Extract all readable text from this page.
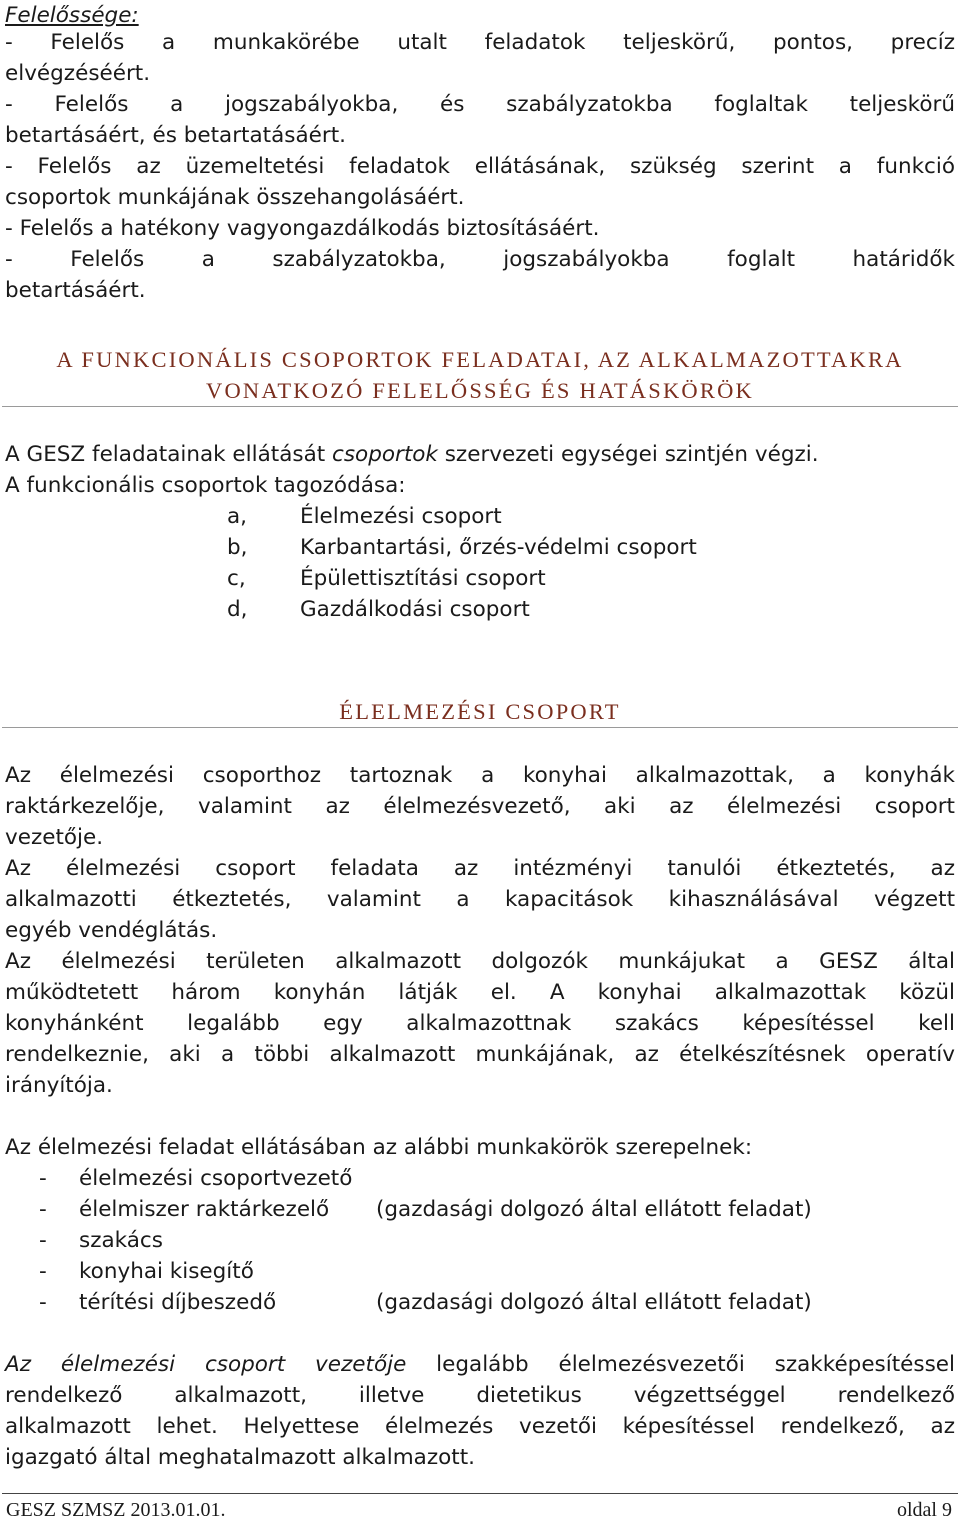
Felelőssége:
- Felelős a munkakörébe utalt feladatok teljeskörű, pontos, precíz
elvégzéséért.
- Felelős a jogszabályokba, és szabályzatokba foglaltak teljeskörű
betartásáért, és betartatásáért.
- Felelős az üzemeltetési feladatok ellátásának, szükség szerint a funkció
csoportok munkájának összehangolásáért.
- Felelős a hatékony vagyongazdálkodás biztosításáért.
- Felelős a szabályzatokba, jogszabályokba foglalt határidők
betartásáért.
A FUNKCIONÁLIS CSOPORTOK FELADATAI, AZ ALKALMAZOTTAKRA
VONATKOZÓ FELELŐSSÉG ÉS HATÁSKÖRÖK
A GESZ feladatainak ellátását csoportok szervezeti egységei szintjén végzi.
A funkcionális csoportok tagozódása:
a, Élelmezési csoport
b, Karbantartási, őrzés-védelmi csoport
c,	Épülettisztítási csoport
d, Gazdálkodási csoport
ÉLELMEZÉSI CSOPORT
Az élelmezési csoporthoz tartoznak a konyhai alkalmazottak, a konyhák
raktárkezelője, valamint az élelmezésvezető, aki az élelmezési csoport
vezetője.
Az élelmezési csoport feladata az intézményi tanulói étkeztetés, az
alkalmazotti étkeztetés, valamint a kapacitások kihasználásával végzett
egyéb vendéglátás.
Az élelmezési területen alkalmazott dolgozók munkájukat a GESZ által
működtetett három konyhán látják el. A konyhai alkalmazottak közül
konyhánként legalább egy alkalmazottnak szakács képesítéssel kell
rendelkeznie, aki a többi alkalmazott munkájának, az ételkészítésnek operatív
irányítója.
Az élelmezési feladat ellátásában az alábbi munkakörök szerepelnek:
- élelmezési csoportvezető
- élelmiszer raktárkezelő (gazdasági dolgozó által ellátott feladat)
- szakács
- konyhai kisegítő
- térítési díjbeszedő	(gazdasági dolgozó által ellátott feladat)
Az élelmezési csoport vezetője legalább élelmezésvezetői szakképesítéssel
rendelkező alkalmazott, illetve dietetikus végzettséggel rendelkező
alkalmazott lehet. Helyettese élelmezés vezetői képesítéssel rendelkező, az
igazgató által meghatalmazott alkalmazott.
GESZ SZMSZ 2013.01.01.	oldal 9
